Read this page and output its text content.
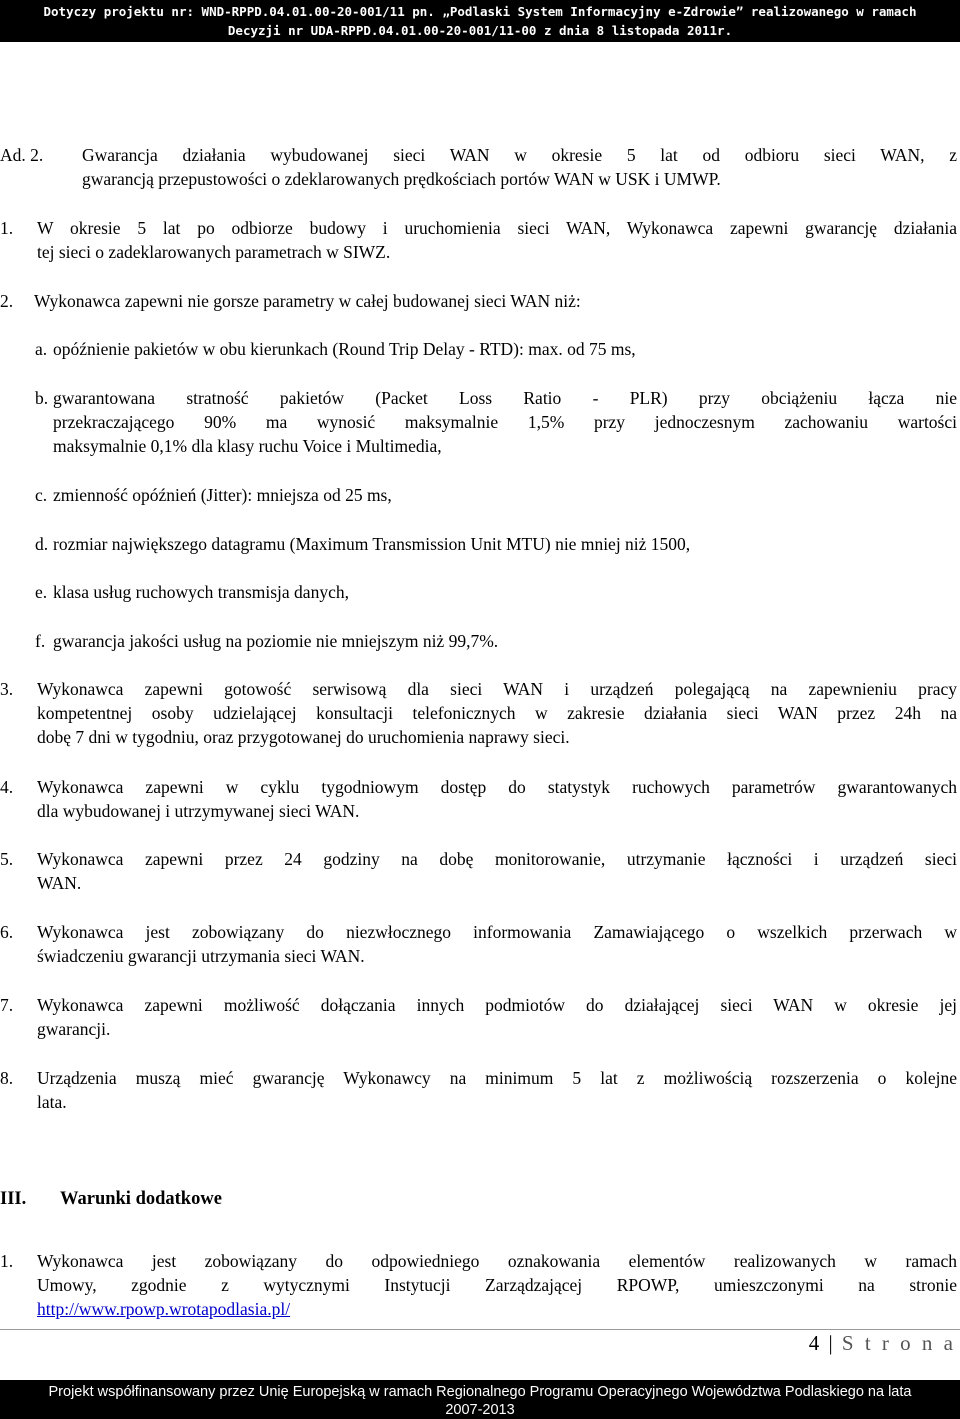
Dotyczy projektu nr: WND-RPPD.04.01.00-20-001/11 pn. „Podlaski System Informacyjny e-Zdrowie” realizowanego w ramach
Decyzji nr UDA-RPPD.04.01.00-20-001/11-00 z dnia 8 listopada 2011r.
Ad. 2. Gwarancja działania wybudowanej sieci WAN w okresie 5 lat od odbioru sieci WAN, z
gwarancją przepustowości o zdeklarowanych prędkościach portów WAN w USK i UMWP.
1. W okresie 5 lat po odbiorze budowy i uruchomienia sieci WAN, Wykonawca zapewni gwarancję działania
tej sieci o zadeklarowanych parametrach w SIWZ.
2. Wykonawca zapewni nie gorsze parametry w całej budowanej sieci WAN niż:
a. opóźnienie pakietów w obu kierunkach (Round Trip Delay - RTD): max. od 75 ms,
b. gwarantowana stratność pakietów (Packet Loss Ratio - PLR) przy obciążeniu łącza nie
przekraczającego 90% ma wynosić maksymalnie 1,5% przy jednoczesnym zachowaniu wartości
maksymalnie 0,1% dla klasy ruchu Voice i Multimedia,
c. zmienność opóźnień (Jitter): mniejsza od 25 ms,
d. rozmiar największego datagramu (Maximum Transmission Unit MTU) nie mniej niż 1500,
e. klasa usług ruchowych transmisja danych,
f. gwarancja jakości usług na poziomie nie mniejszym niż 99,7%.
3. Wykonawca zapewni gotowość serwisową dla sieci WAN i urządzeń polegającą na zapewnieniu pracy
kompetentnej osoby udzielającej konsultacji telefonicznych w zakresie działania sieci WAN przez 24h na
dobę 7 dni w tygodniu, oraz przygotowanej do uruchomienia naprawy sieci.
4. Wykonawca zapewni w cyklu tygodniowym dostęp do statystyk ruchowych parametrów gwarantowanych
dla wybudowanej i utrzymywanej sieci WAN.
5. Wykonawca zapewni przez 24 godziny na dobę monitorowanie, utrzymanie łączności i urządzeń sieci
WAN.
6. Wykonawca jest zobowiązany do niezwłocznego informowania Zamawiającego o wszelkich przerwach w
świadczeniu gwarancji utrzymania sieci WAN.
7. Wykonawca zapewni możliwość dołączania innych podmiotów do działającej sieci WAN w okresie jej
gwarancji.
8. Urządzenia muszą mieć gwarancję Wykonawcy na minimum 5 lat z możliwością rozszerzenia o kolejne
lata.
III. Warunki dodatkowe
1. Wykonawca jest zobowiązany do odpowiedniego oznakowania elementów realizowanych w ramach
Umowy, zgodnie z wytycznymi Instytucji Zarządzającej RPOWP, umieszczonymi na stronie
http://www.rpowp.wrotapodlasia.pl/
4 | S t r o n a
Projekt współfinansowany przez Unię Europejską w ramach Regionalnego Programu Operacyjnego Województwa Podlaskiego na lata
2007-2013
